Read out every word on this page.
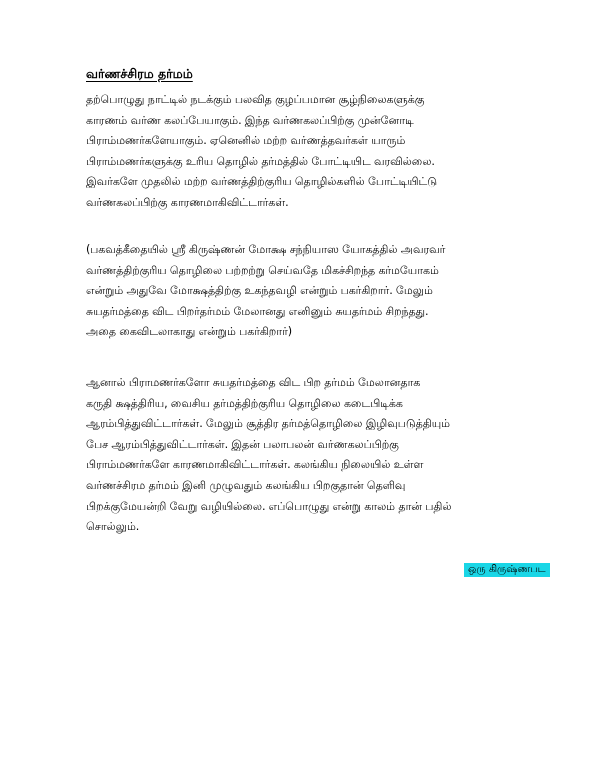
வர்ணச்சிரம தர்மம்
தற்பொழுது நாட்டில் நடக்கும் பலவித குழப்பமான சூழ்நிலைகளுக்கு
காரணம் வர்ண கலப்பேயாகும். இந்த வர்ணகலப்பிற்கு முன்னோடி
பிராம்மணர்களேயாகும். ஏனெனில் மற்ற வர்ணத்தவர்கள் யாரும்
பிராம்மணர்களுக்கு உரிய தொழில் தர்மத்தில் போட்டியிட வரவில்லை.
இவர்களே முதலில் மற்ற வர்ணத்திற்குரிய தொழில்களில் போட்டியிட்டு
வர்ணகலப்பிற்கு காரணமாகிவிட்டார்கள்.
(பகவத்கீதையில் ஸ்ரீ கிருஷ்ணன் மோக்ஷ சந்நியாஸ யோகத்தில் அவரவர்
வர்ணத்திற்குரிய தொழிலை பற்றற்று செய்வதே மிகச்சிறந்த கர்மயோகம்
என்றும் அதுவே மோக்ஷத்திற்கு உகந்தவழி என்றும் பகர்கிறார். மேலும்
சுயதர்மத்தை விட பிறர்தர்மம் மேலானது எனினும் சுயதர்மம் சிறந்தது.
அதை கைவிடலாகாது என்றும் பகர்கிறார்)
ஆனால் பிராமணர்களோ சுயதர்மத்தை விட பிற தர்மம் மேலானதாக
கருதி க்ஷத்திரிய, வைசிய தர்மத்திற்குரிய தொழிலை கடைபிடிக்க
ஆரம்பித்துவிட்டார்கள். மேலும் சூத்திர தர்மத்தொழிலை இழிவுபடுத்தியும்
பேச ஆரம்பித்துவிட்டார்கள். இதன் பலாபலன் வர்ணகலப்பிற்கு
பிராம்மணர்களே காரணமாகிவிட்டார்கள். கலங்கிய நிலையில் உள்ள
வர்ணச்சிரம தர்மம் இனி முழுவதும் கலங்கிய பிறகுதான் தெளிவு
பிறக்குமேயன்றி வேறு வழியில்லை. எப்பொழுது என்று காலம் தான் பதில்
சொல்லும்.
ஒரு கிருஷ்ணபட
